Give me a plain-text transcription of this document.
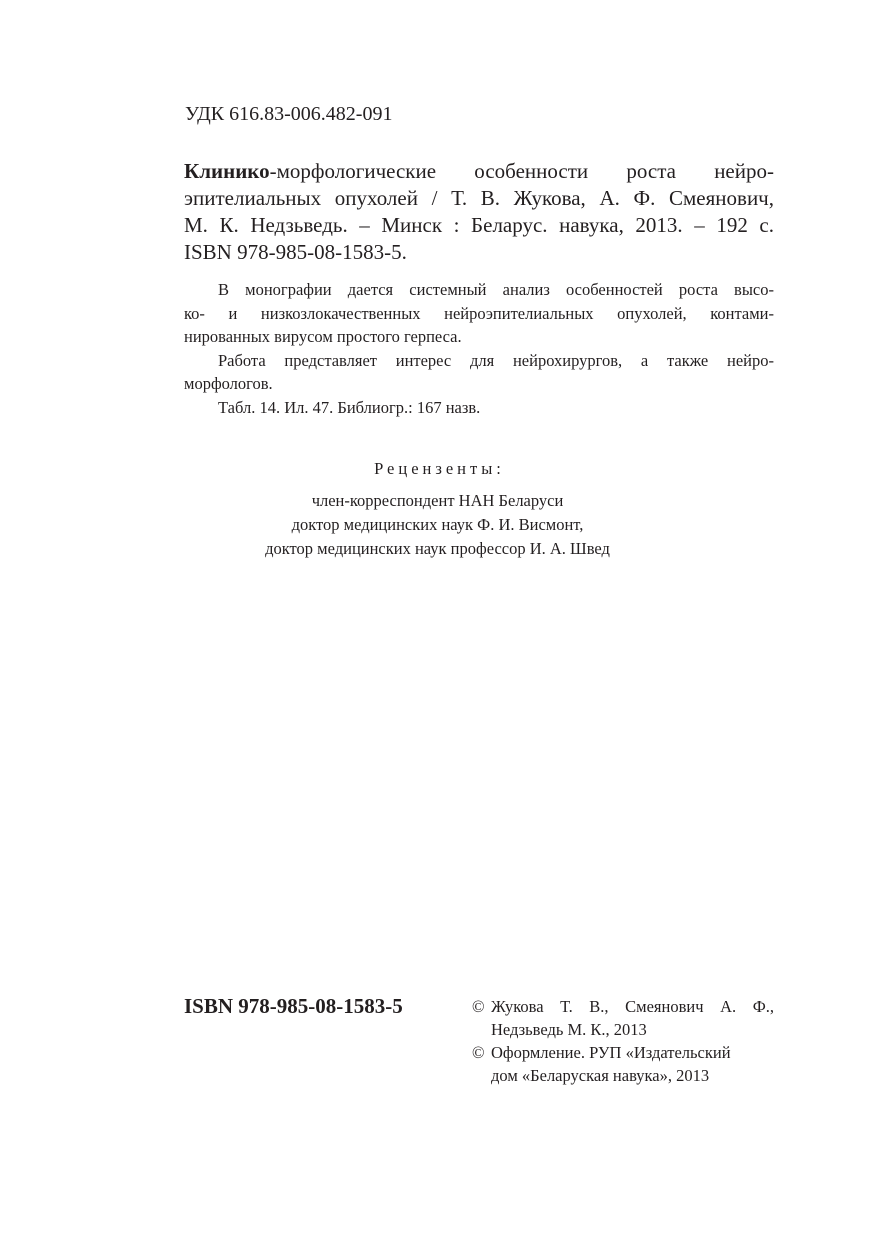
УДК 616.83-006.482-091
Клинико-морфологические особенности роста нейро-
эпителиальных опухолей / Т. В. Жукова, А. Ф. Смеянович,
М. К. Недзьведь. – Минск : Беларус. навука, 2013. – 192 с.
ISBN 978-985-08-1583-5.
В монографии дается системный анализ особенностей роста высо-
ко- и низкозлокачественных нейроэпителиальных опухолей, контами-
нированных вирусом простого герпеса.
Работа представляет интерес для нейрохирургов, а также нейро-
морфологов.
Табл. 14. Ил. 47. Библиогр.: 167 назв.
Рецензенты:
член-корреспондент НАН Беларуси
доктор медицинских наук Ф. И. Висмонт,
доктор медицинских наук профессор И. А. Швед
ISBN 978-985-08-1583-5	© Жукова Т. В., Смеянович А. Ф.,
Недзьведь М. К., 2013
© Оформление. РУП «Издательский
дом «Беларуская навука», 2013
